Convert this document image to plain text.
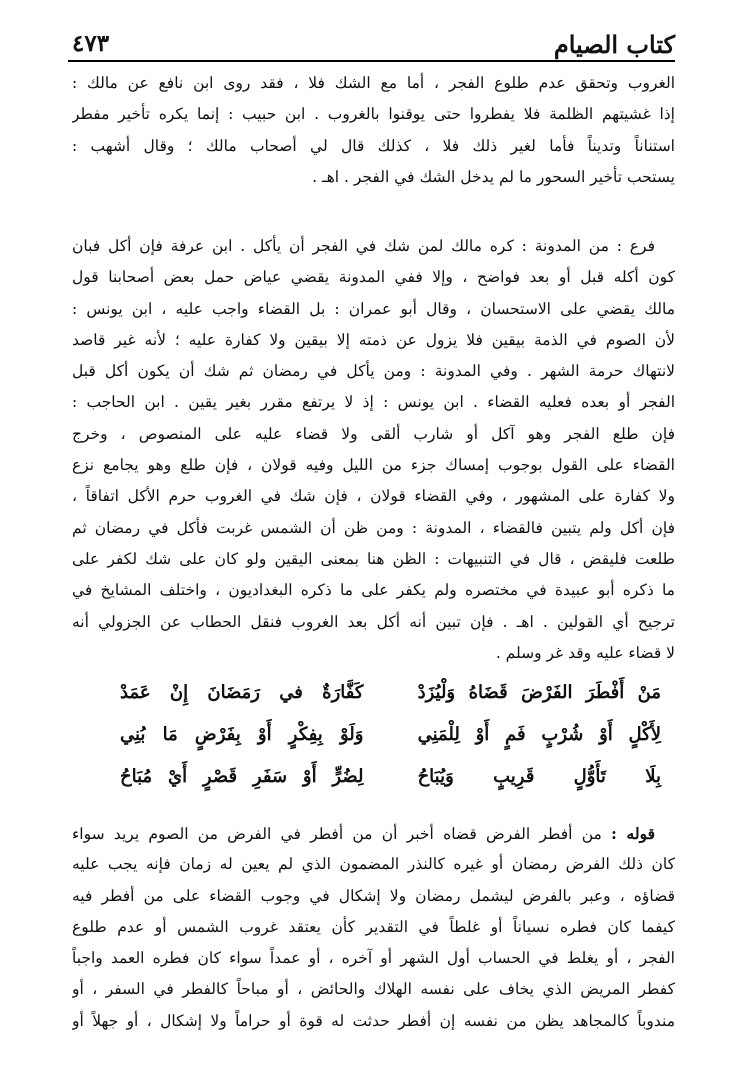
٤٧٣	كتاب الصيام
الغروب وتحقق عدم طلوع الفجر ، أما مع الشك فلا ، فقد روى ابن نافع عن مالك :
إذا غشيتهم الظلمة فلا يفطروا حتى يوقنوا بالغروب . ابن حبيب : إنما يكره تأخير مفطر
استناناً وتديناً فأما لغير ذلك فلا ، كذلك قال لي أصحاب مالك ؛ وقال أشهب :
يستحب تأخير السحور ما لم يدخل الشك في الفجر . اهـ .
فرع : من المدونة : كره مالك لمن شك في الفجر أن يأكل . ابن عرفة فإن أكل فبان
كون أكله قبل أو بعد فواضح ، وإلا ففي المدونة يقضي عياض حمل بعض أصحابنا قول
مالك يقضي على الاستحسان ، وقال أبو عمران : بل القضاء واجب عليه ، ابن يونس :
لأن الصوم في الذمة بيقين فلا يزول عن ذمته إلا بيقين ولا كفارة عليه ؛ لأنه غير قاصد
لانتهاك حرمة الشهر . وفي المدونة : ومن يأكل في رمضان ثم شك أن يكون أكل قبل
الفجر أو بعده فعليه القضاء . ابن يونس : إذ لا يرتفع مقرر بغير يقين . ابن الحاجب :
فإن طلع الفجر وهو آكل أو شارب ألقى ولا قضاء عليه على المنصوص ، وخرج
القضاء على القول بوجوب إمساك جزء من الليل وفيه قولان ، فإن طلع وهو يجامع نزع
ولا كفارة على المشهور ، وفي القضاء قولان ، فإن شك في الغروب حرم الأكل اتفاقاً ،
فإن أكل ولم يتبين فالقضاء ، المدونة : ومن ظن أن الشمس غربت فأكل في رمضان ثم
طلعت فليقض ، قال في التنبيهات : الظن هنا بمعنى اليقين ولو كان على شك لكفر على
ما ذكره أبو عبيدة في مختصره ولم يكفر على ما ذكره البغداديون ، واختلف المشايخ في
ترجيح أي القولين . اهـ . فإن تبين أنه أكل بعد الغروب فنقل الحطاب عن الجزولي أنه
لا قضاء عليه وقد غر وسلم .
مَنْ أَفْطَرَ الفَرْضَ قَضَاهُ وَلْيُزَدْ
كَفَّارَةٌ في رَمَضَانَ إِنْ عَمَدْ
لِأَكْلٍ أَوْ شُرْبٍ فَمٍ أَوْ لِلْمَنِي
وَلَوْ بِفِكْرٍ أَوْ بِفَرْضٍ مَا بُنِي
بِلَا تَأَوُّلٍ قَرِيبٍ وَيُبَاحُ
لِضُرٍّ أَوْ سَفَرِ قَصْرٍ أَيْ مُبَاحُ
قوله : من أفطر الفرض قضاه أخبر أن من أفطر في الفرض من الصوم يريد سواء
كان ذلك الفرض رمضان أو غيره كالنذر المضمون الذي لم يعين له زمان فإنه يجب عليه
قضاؤه ، وعبر بالفرض ليشمل رمضان ولا إشكال في وجوب القضاء على من أفطر فيه
كيفما كان فطره نسياناً أو غلطاً في التقدير كأن يعتقد غروب الشمس أو عدم طلوع
الفجر ، أو يغلط في الحساب أول الشهر أو آخره ، أو عمداً سواء كان فطره العمد واجباً
كفطر المريض الذي يخاف على نفسه الهلاك والحائض ، أو مباحاً كالفطر في السفر ، أو
مندوباً كالمجاهد يظن من نفسه إن أفطر حدثت له قوة أو حراماً ولا إشكال ، أو جهلاً أو
